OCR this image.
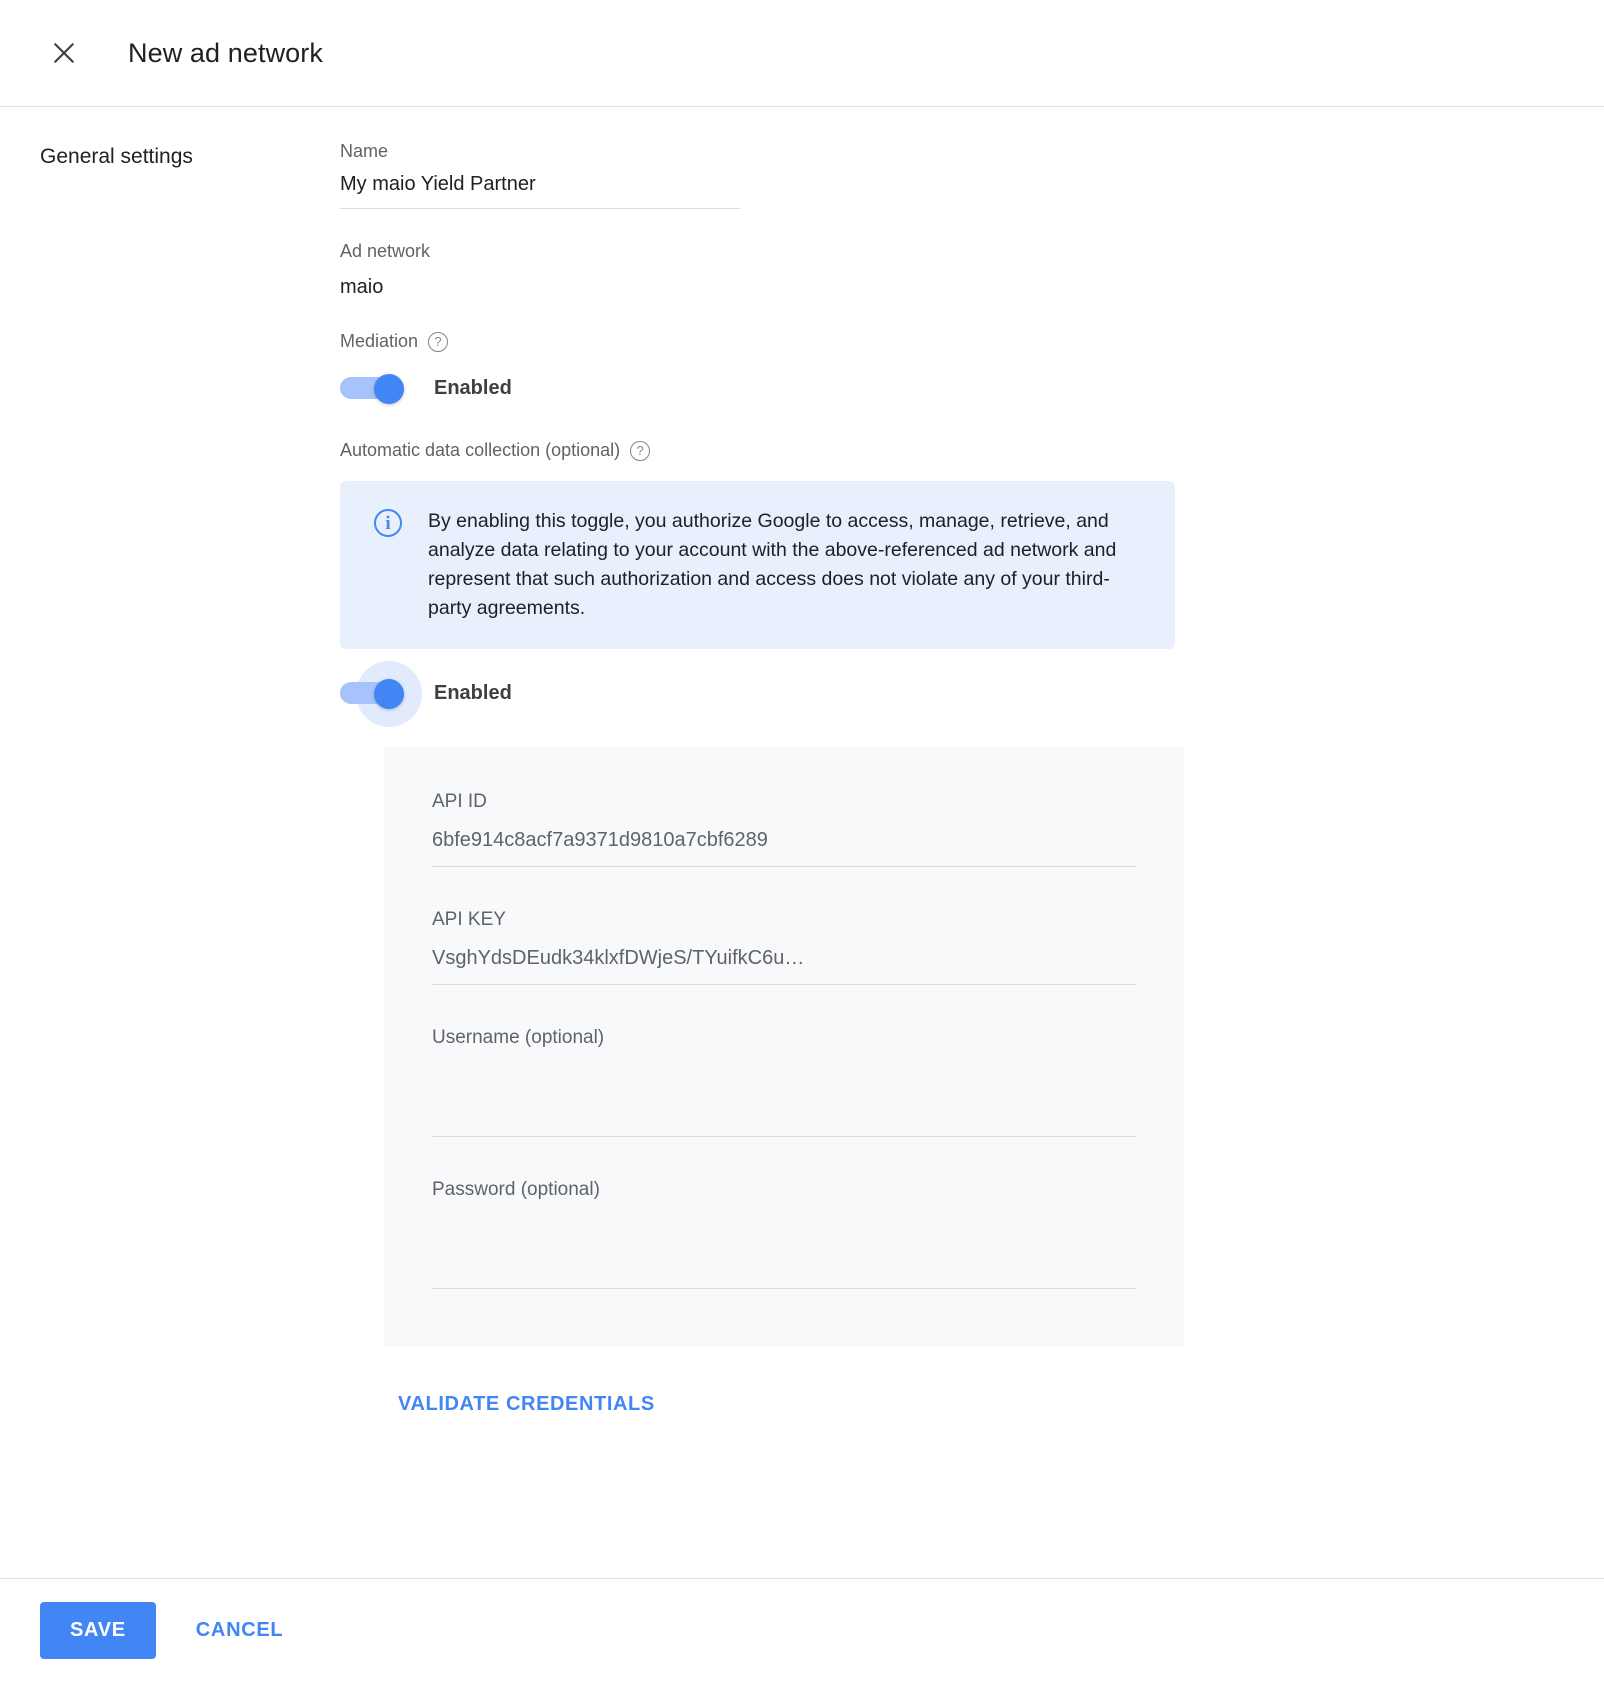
New ad network
General settings	Name
My maio Yield Partner
Ad network
maio
Mediation	?
Enabled
Automatic data collection (optional)	?
i	By enabling this toggle, you authorize Google to access, manage, retrieve, and analyze data relating to your account with the above-referenced ad network and represent that such authorization and access does not violate any of your third-party agreements.
Enabled
API ID
6bfe914c8acf7a9371d9810a7cbf6289
API KEY
VsghYdsDEudk34klxfDWjeS/TYuifkC6u…
Username (optional)
Password (optional)
VALIDATE CREDENTIALS
SAVE	CANCEL
